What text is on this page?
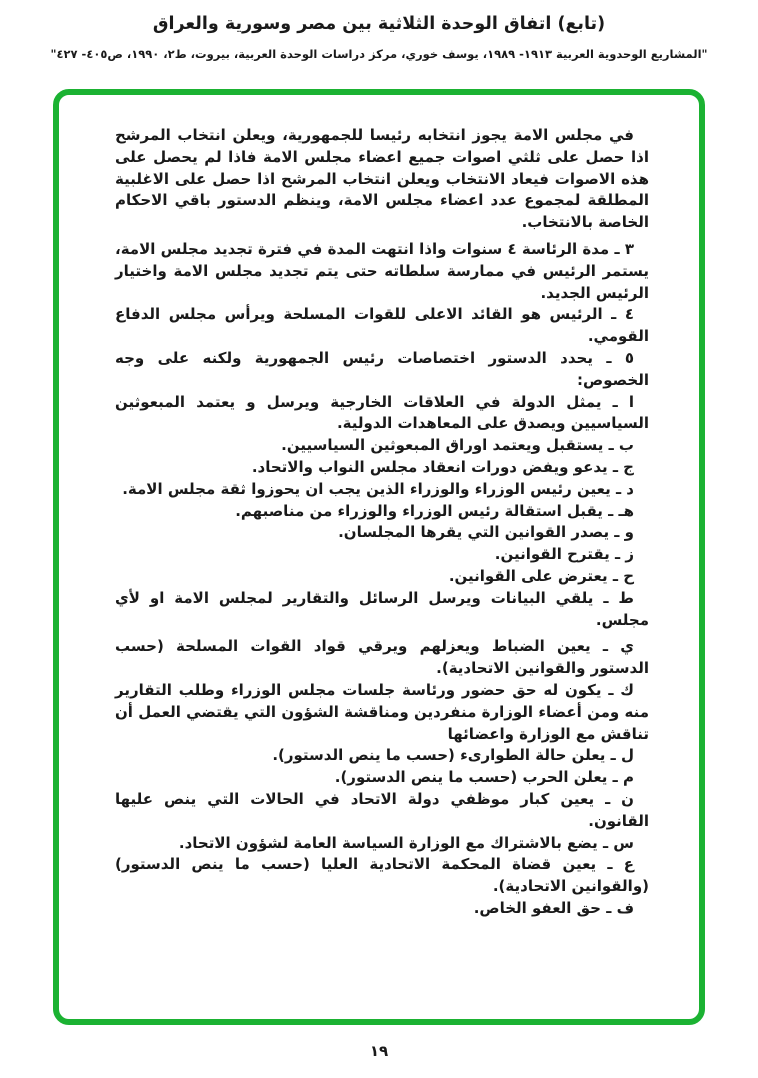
(تابع) اتفاق الوحدة الثلاثية بين مصر وسورية والعراق
"المشاريع الوحدوية العربية ١٩١٣- ١٩٨٩، يوسف خوري، مركز دراسات الوحدة العربية، بيروت، ط٢، ١٩٩٠، ص٤٠٥- ٤٢٧"

في مجلس الامة يجوز انتخابه رئيسا للجمهورية، ويعلن انتخاب المرشح اذا حصل على ثلثي اصوات جميع اعضاء مجلس الامة فاذا لم يحصل على هذه الاصوات فيعاد الانتخاب ويعلن انتخاب المرشح اذا حصل على الاغلبية المطلقة لمجموع عدد اعضاء مجلس الامة، وينظم الدستور باقي الاحكام الخاصة بالانتخاب.

٣ ـ مدة الرئاسة ٤ سنوات واذا انتهت المدة في فترة تجديد مجلس الامة، يستمر الرئيس في ممارسة سلطاته حتى يتم تجديد مجلس الامة واختيار الرئيس الجديد.

٤ ـ الرئيس هو القائد الاعلى للقوات المسلحة ويرأس مجلس الدفاع القومي.

٥ ـ يحدد الدستور اختصاصات رئيس الجمهورية ولكنه على وجه الخصوص:

ا ـ يمثل الدولة في العلاقات الخارجية ويرسل و يعتمد المبعوثين السياسيين ويصدق على المعاهدات الدولية.

ب ـ يستقبل ويعتمد اوراق المبعوثين السياسيين.

ج ـ يدعو ويفض دورات انعقاد مجلس النواب والاتحاد.

د ـ يعين رئيس الوزراء والوزراء الذين يجب ان يحوزوا ثقة مجلس الامة.

هـ ـ يقبل استقالة رئيس الوزراء والوزراء من مناصبهم.

و ـ يصدر القوانين التي يقرها المجلسان.

ز ـ يقترح القوانين.

ح ـ يعترض على القوانين.

ط ـ يلقي البيانات ويرسل الرسائل والتقارير لمجلس الامة او لأي مجلس.

ي ـ يعين الضباط ويعزلهم ويرقي قواد القوات المسلحة (حسب الدستور والقوانين الاتحادية).

ك ـ يكون له حق حضور ورئاسة جلسات مجلس الوزراء وطلب التقارير منه ومن أعضاء الوزارة منفردين ومناقشة الشؤون التي يقتضي العمل أن تناقش مع الوزارة واعضائها

ل ـ يعلن حالة الطوارىء (حسب ما ينص الدستور).

م ـ يعلن الحرب (حسب ما ينص الدستور).

ن ـ يعين كبار موظفي دولة الاتحاد في الحالات التي ينص عليها القانون.

س ـ يضع بالاشتراك مع الوزارة السياسة العامة لشؤون الاتحاد.

ع ـ يعين قضاة المحكمة الاتحادية العليا (حسب ما ينص الدستور) (والقوانين الاتحادية).

ف ـ حق العفو الخاص.

١٩
